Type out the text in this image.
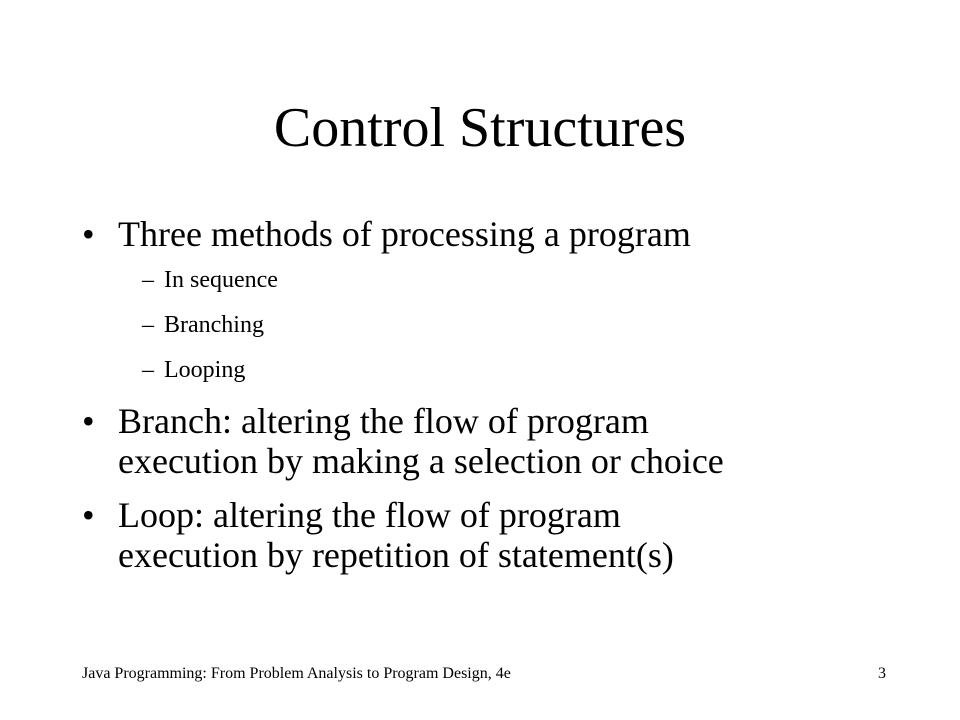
Control Structures
• Three methods of processing a program
– In sequence
– Branching
– Looping
• Branch: altering the flow of program
execution by making a selection or choice
• Loop: altering the flow of program
execution by repetition of statement(s)
Java Programming: From Problem Analysis to Program Design, 4e	3
